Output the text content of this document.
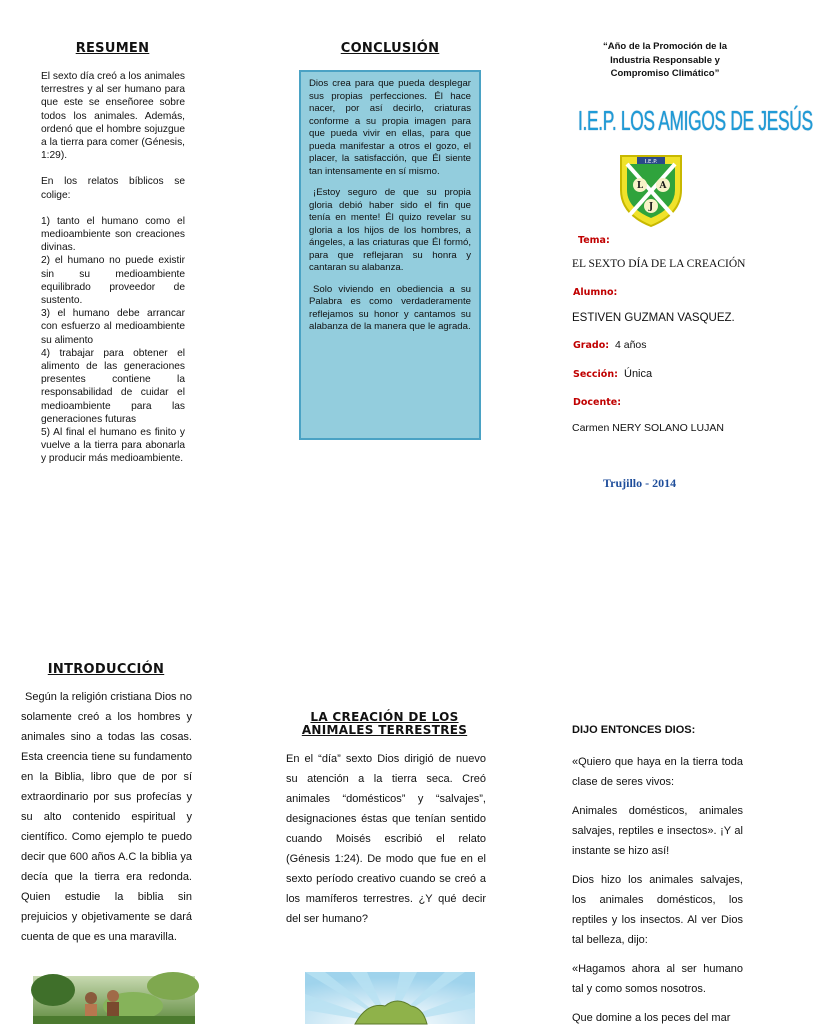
RESUMEN

El sexto día creó a los animales terrestres y al ser humano para que este se enseñoree sobre todos los animales. Además, ordenó que el hombre sojuzgue a la tierra para comer (Génesis, 1:29).

En los relatos bíblicos se colige:

1) tanto el humano como el medioambiente son creaciones divinas.
2) el humano no puede existir sin su medioambiente equilibrado proveedor de sustento.
3) el humano debe arrancar con esfuerzo al medioambiente su alimento
4) trabajar para obtener el alimento de las generaciones presentes contiene la responsabilidad de cuidar el medioambiente para las generaciones futuras
5) Al final el humano es finito y vuelve a la tierra para abonarla y producir más medioambiente.
CONCLUSIÓN

Dios crea para que pueda desplegar sus propias perfecciones. Él hace nacer, por así decirlo, criaturas conforme a su propia imagen para que pueda vivir en ellas, para que pueda manifestar a otros el gozo, el placer, la satisfacción, que Él siente tan intensamente en sí mismo.

¡Estoy seguro de que su propia gloria debió haber sido el fin que tenía en mente! Él quizo revelar su gloria a los hijos de los hombres, a ángeles, a las criaturas que Él formó, para que reflejaran su honra y cantaran su alabanza.

Solo viviendo en obediencia a su Palabra es como verdaderamente reflejamos su honor y cantamos su alabanza de la manera que le agrada.

“Año de la Promoción de la Industria Responsable y Compromiso Climático”
I.E.P. LOS AMIGOS DE JESÚS
I.E.P.
L A
J
Tema:
EL SEXTO DÍA DE LA CREACIÓN
Alumno:
ESTIVEN GUZMAN VASQUEZ.
Grado: 4 años
Sección: Única
Docente:
Carmen NERY SOLANO LUJAN
Trujillo - 2014
INTRODUCCIÓN
Según la religión cristiana Dios no solamente creó a los hombres y animales sino a todas las cosas. Esta creencia tiene su fundamento en la Biblia, libro que de por sí extraordinario por sus profecías y su alto contenido espiritual y científico. Como ejemplo te puedo decir que 600 años A.C la biblia ya decía que la tierra era redonda. Quien estudie la biblia sin prejuicios y objetivamente se dará cuenta de que es una maravilla.
LA CREACIÓN DE LOS
ANIMALES TERRESTRES
En el “día” sexto Dios dirigió de nuevo su atención a la tierra seca. Creó animales “domésticos” y “salvajes”, designaciones éstas que tenían sentido cuando Moisés escribió el relato (Génesis 1:24). De modo que fue en el sexto período creativo cuando se creó a los mamíferos terrestres. ¿Y qué decir del ser humano?
DIJO ENTONCES DIOS:

«Quiero que haya en la tierra toda clase de seres vivos:

Animales domésticos, animales salvajes, reptiles e insectos». ¡Y al instante se hizo así!

Dios hizo los animales salvajes, los animales domésticos, los reptiles y los insectos. Al ver Dios tal belleza, dijo:

«Hagamos ahora al ser humano tal y como somos nosotros.

Que domine a los peces del mar
